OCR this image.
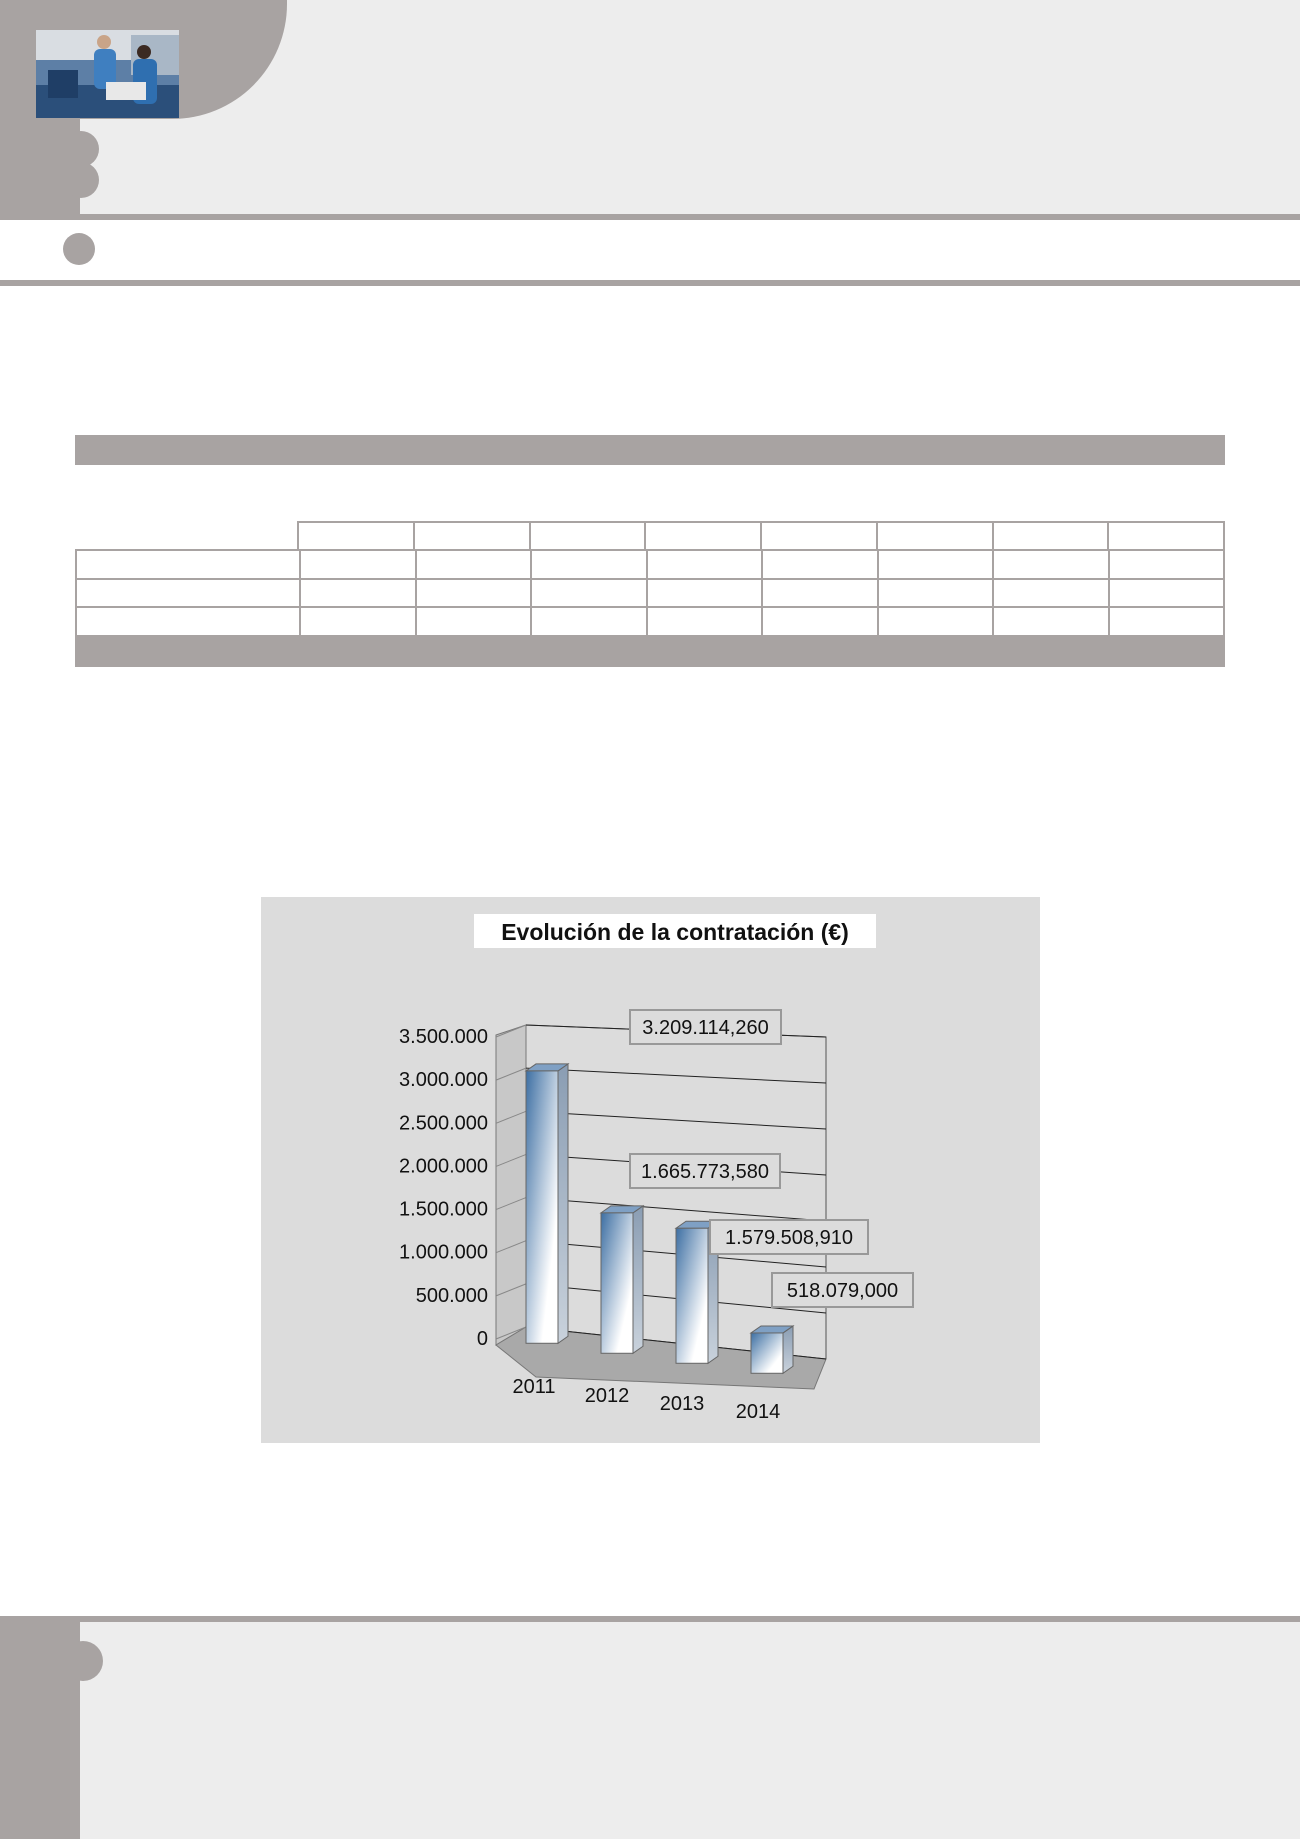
Evolución de la contratación (€)
0
500.000
1.000.000
1.500.000
2.000.000
2.500.000
3.000.000
3.500.000	3.209.114,260
2011
1.665.773,580
2012
1.579.508,910
2013
518.079,000
2014
